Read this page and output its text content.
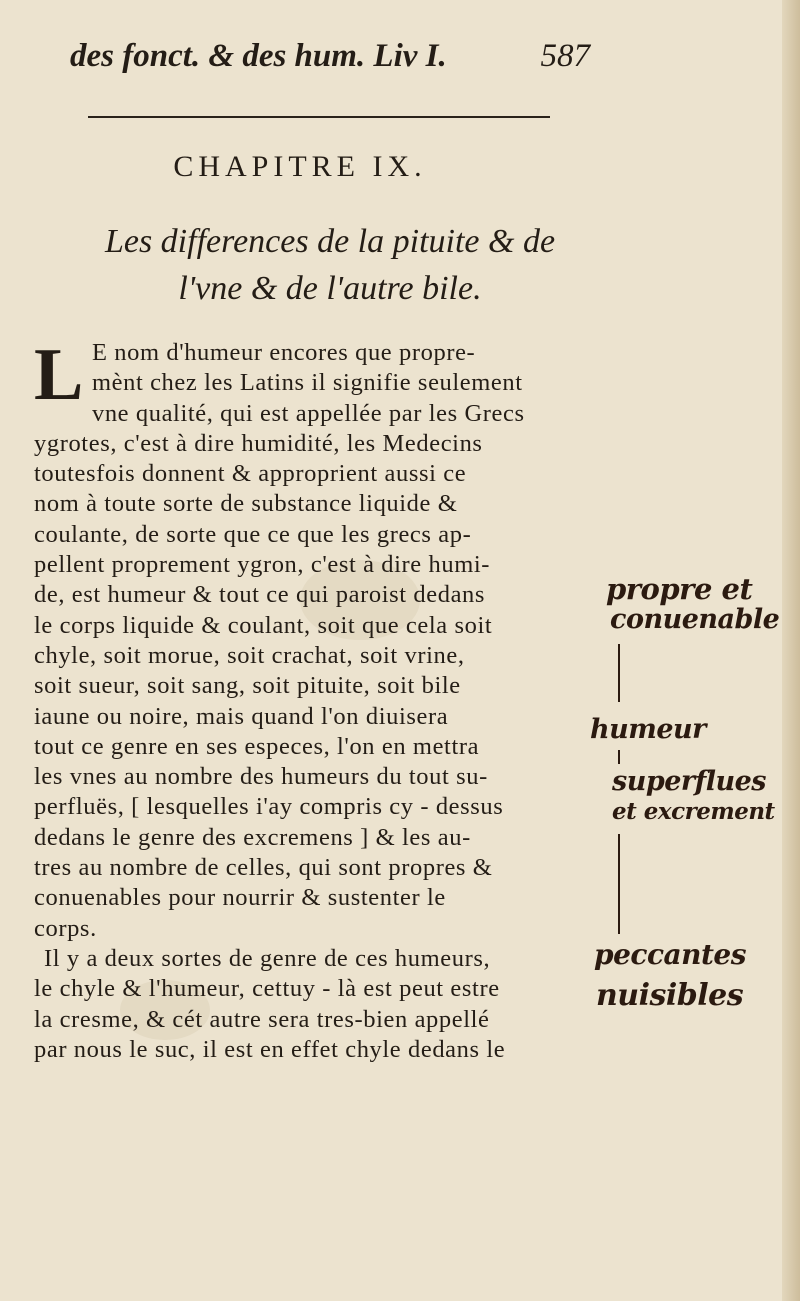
des fonct. & des hum. Liv I.	587
CHAPITRE IX.
Les differences de la pituite & de
l'vne & de l'autre bile.
L E nom d'humeur encores que propre-
mènt chez les Latins il signifie seulement
vne qualité, qui est appellée par les Grecs
ygrotes, c'est à dire humidité, les Medecins
toutesfois donnent & approprient aussi ce
nom à toute sorte de substance liquide &
coulante, de sorte que ce que les grecs ap-
pellent proprement ygron, c'est à dire humi-
de, est humeur & tout ce qui paroist dedans
le corps liquide & coulant, soit que cela soit
chyle, soit morue, soit crachat, soit vrine,
soit sueur, soit sang, soit pituite, soit bile
iaune ou noire, mais quand l'on diuisera
tout ce genre en ses especes, l'on en mettra
les vnes au nombre des humeurs du tout su-
perfluës, [ lesquelles i'ay compris cy - dessus
dedans le genre des excremens ] & les au-
tres au nombre de celles, qui sont propres &
conuenables pour nourrir & sustenter le
corps.
Il y a deux sortes de genre de ces humeurs,
le chyle & l'humeur, cettuy - là est peut estre
la cresme, & cét autre sera tres-bien appellé
par nous le suc, il est en effet chyle dedans le
propre et
conuenable
humeur
superflues
et excrement
peccantes
nuisibles
